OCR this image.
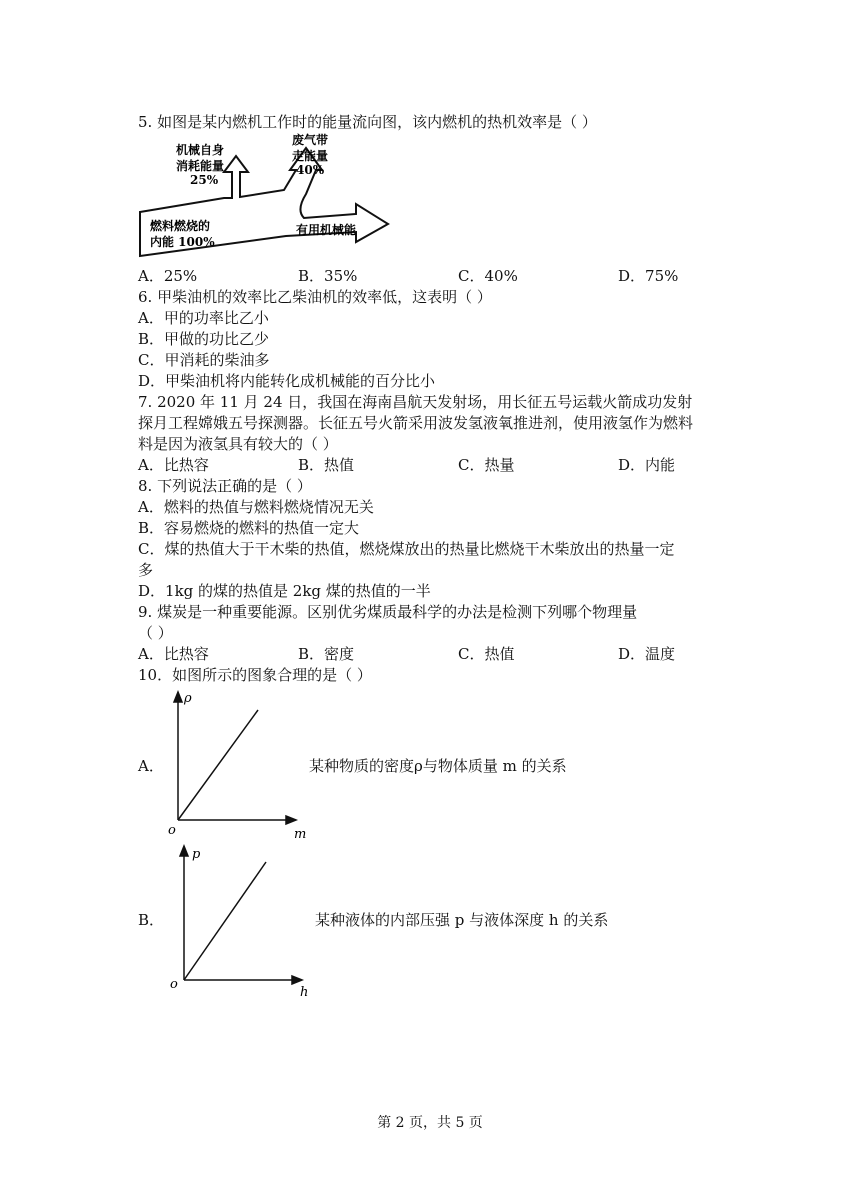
5. 如图是某内燃机工作时的能量流向图，该内燃机的热机效率是（ ）
机械自身
消耗能量
25%
废气带
走能量
40%
燃料燃烧的
内能 100%
有用机械能
A．25%	B．35%	C．40%	D．75%
6. 甲柴油机的效率比乙柴油机的效率低，这表明（ ）
A．甲的功率比乙小
B．甲做的功比乙少
C．甲消耗的柴油多
D．甲柴油机将内能转化成机械能的百分比小
7. 2020 年 11 月 24 日，我国在海南昌航天发射场，用长征五号运载火箭成功发射
探月工程嫦娥五号探测器。长征五号火箭采用波发氢液氧推进剂，使用液氢作为燃料
料是因为液氢具有较大的（ ）
A．比热容	B．热值	C．热量	D．内能
8. 下列说法正确的是（ ）
A．燃料的热值与燃料燃烧情况无关
B．容易燃烧的燃料的热值一定大
C．煤的热值大于干木柴的热值，燃烧煤放出的热量比燃烧干木柴放出的热量一定
多
D．1kg 的煤的热值是 2kg 煤的热值的一半
9. 煤炭是一种重要能源。区别优劣煤质最科学的办法是检测下列哪个物理量
（ ）
A．比热容	B．密度	C．热值	D．温度
10．如图所示的图象合理的是（ ）
A．
ρ
m
o
某种物质的密度ρ与物体质量 m 的关系
B．
p
h
o
某种液体的内部压强 p 与液体深度 h 的关系
第 2 页，共 5 页
